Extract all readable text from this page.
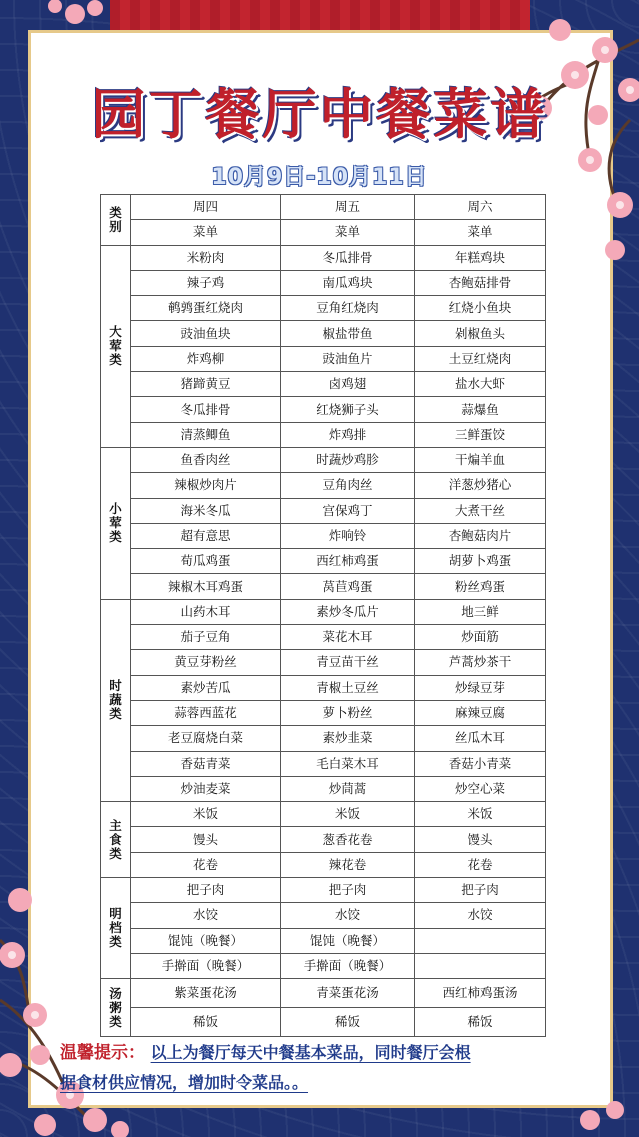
园丁餐厅中餐菜谱
10月9日-10月11日
类别	周四	周五	周六
	菜单	菜单	菜单
大荤类	米粉肉	冬瓜排骨	年糕鸡块
	辣子鸡	南瓜鸡块	杏鲍菇排骨
	鹌鹑蛋红烧肉	豆角红烧肉	红烧小鱼块
	豉油鱼块	椒盐带鱼	剁椒鱼头
	炸鸡柳	豉油鱼片	土豆红烧肉
	猪蹄黄豆	卤鸡翅	盐水大虾
	冬瓜排骨	红烧狮子头	蒜爆鱼
	清蒸鲫鱼	炸鸡排	三鲜蛋饺
小荤类	鱼香肉丝	时蔬炒鸡胗	干煸羊血
	辣椒炒肉片	豆角肉丝	洋葱炒猪心
	海米冬瓜	宫保鸡丁	大煮干丝
	超有意思	炸响铃	杏鲍菇肉片
	荀瓜鸡蛋	西红柿鸡蛋	胡萝卜鸡蛋
	辣椒木耳鸡蛋	莴苣鸡蛋	粉丝鸡蛋
时蔬类	山药木耳	素炒冬瓜片	地三鲜
	茄子豆角	菜花木耳	炒面筋
	黄豆芽粉丝	青豆苗干丝	芦蒿炒茶干
	素炒苦瓜	青椒土豆丝	炒绿豆芽
	蒜蓉西蓝花	萝卜粉丝	麻辣豆腐
	老豆腐烧白菜	素炒韭菜	丝瓜木耳
	香菇青菜	毛白菜木耳	香菇小青菜
	炒油麦菜	炒茼蒿	炒空心菜
主食类	米饭	米饭	米饭
	馒头	葱香花卷	馒头
	花卷	辣花卷	花卷
明档类	把子肉	把子肉	把子肉
	水饺	水饺	水饺
	馄饨（晚餐）	馄饨（晚餐）	
	手擀面（晚餐）	手擀面（晚餐）	
汤粥类	紫菜蛋花汤	青菜蛋花汤	西红柿鸡蛋汤
	稀饭	稀饭	稀饭
温馨提示： 以上为餐厅每天中餐基本菜品，同时餐厅会根
据食材供应情况，增加时令菜品。。
